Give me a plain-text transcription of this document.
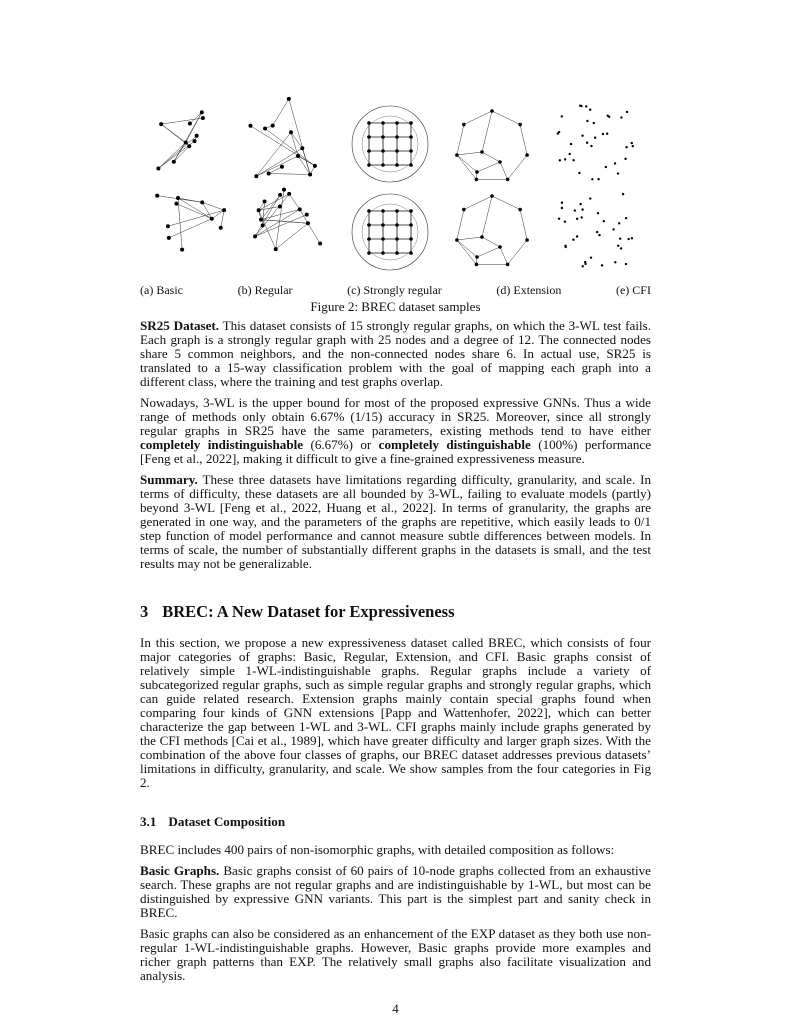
(a) Basic	(b) Regular	(c) Strongly regular	(d) Extension	(e) CFI
Figure 2: BREC dataset samples

SR25 Dataset. This dataset consists of 15 strongly regular graphs, on which the 3-WL test fails. Each graph is a strongly regular graph with 25 nodes and a degree of 12. The connected nodes share 5 common neighbors, and the non-connected nodes share 6. In actual use, SR25 is translated to a 15-way classification problem with the goal of mapping each graph into a different class, where the training and test graphs overlap.

Nowadays, 3-WL is the upper bound for most of the proposed expressive GNNs. Thus a wide range of methods only obtain 6.67% (1/15) accuracy in SR25. Moreover, since all strongly regular graphs in SR25 have the same parameters, existing methods tend to have either completely indistinguishable (6.67%) or completely distinguishable (100%) performance [Feng et al., 2022], making it difficult to give a fine-grained expressiveness measure.

Summary. These three datasets have limitations regarding difficulty, granularity, and scale. In terms of difficulty, these datasets are all bounded by 3-WL, failing to evaluate models (partly) beyond 3-WL [Feng et al., 2022, Huang et al., 2022]. In terms of granularity, the graphs are generated in one way, and the parameters of the graphs are repetitive, which easily leads to 0/1 step function of model performance and cannot measure subtle differences between models. In terms of scale, the number of substantially different graphs in the datasets is small, and the test results may not be generalizable.

3 BREC: A New Dataset for Expressiveness

In this section, we propose a new expressiveness dataset called BREC, which consists of four major categories of graphs: Basic, Regular, Extension, and CFI. Basic graphs consist of relatively simple 1-WL-indistinguishable graphs. Regular graphs include a variety of subcategorized regular graphs, such as simple regular graphs and strongly regular graphs, which can guide related research. Extension graphs mainly contain special graphs found when comparing four kinds of GNN extensions [Papp and Wattenhofer, 2022], which can better characterize the gap between 1-WL and 3-WL. CFI graphs mainly include graphs generated by the CFI methods [Cai et al., 1989], which have greater difficulty and larger graph sizes. With the combination of the above four classes of graphs, our BREC dataset addresses previous datasets’ limitations in difficulty, granularity, and scale. We show samples from the four categories in Fig 2.

3.1 Dataset Composition

BREC includes 400 pairs of non-isomorphic graphs, with detailed composition as follows:

Basic Graphs. Basic graphs consist of 60 pairs of 10-node graphs collected from an exhaustive search. These graphs are not regular graphs and are indistinguishable by 1-WL, but most can be distinguished by expressive GNN variants. This part is the simplest part and sanity check in BREC.

Basic graphs can also be considered as an enhancement of the EXP dataset as they both use non-regular 1-WL-indistinguishable graphs. However, Basic graphs provide more examples and richer graph patterns than EXP. The relatively small graphs also facilitate visualization and analysis.

4
